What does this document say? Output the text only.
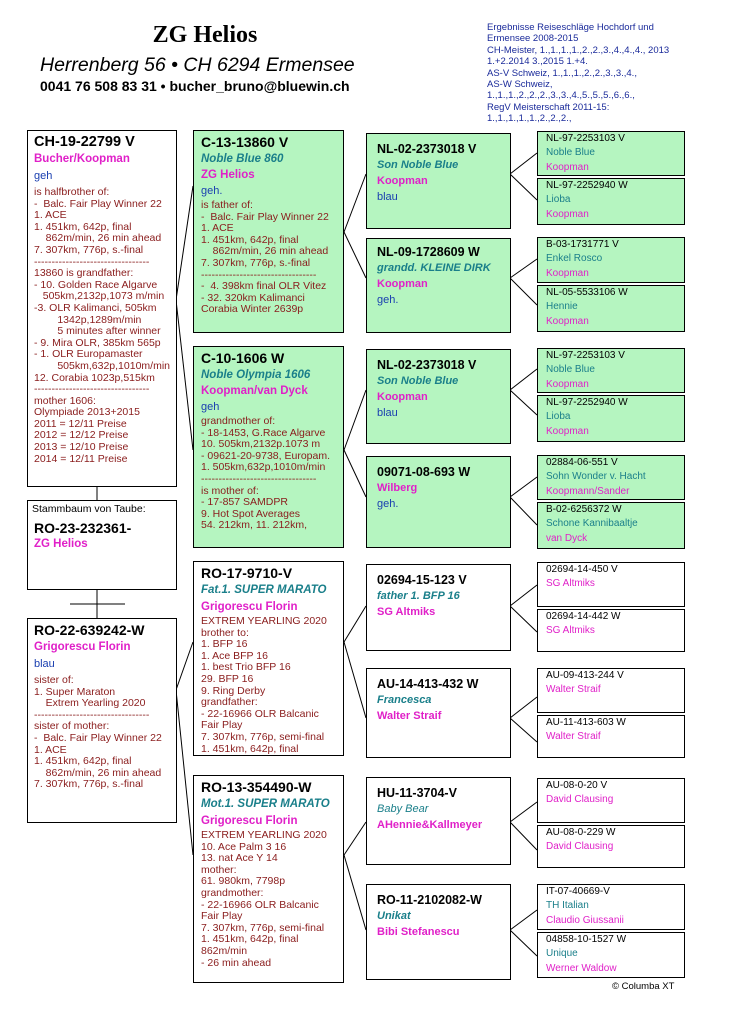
ZG Helios
Herrenberg 56 • CH 6294 Ermensee
0041 76 508 83 31 • bucher_bruno@bluewin.ch
Ergebnisse Reiseschläge Hochdorf und
Ermensee 2008-2015
CH-Meister, 1.,1.,1.,1.,2.,2.,3.,4.,4.,4., 2013
1.+2.2014 3.,2015 1.+4.
AS-V Schweiz, 1.,1.,1.,2.,2.,3.,3.,4.,
AS-W Schweiz,
1.,1.,1.,2.,2.,2.,3.,3.,4.,5.,5.,5.,6.,6.,
RegV Meisterschaft 2011-15:
1.,1.,1.,1.,1.,2.,2.,2.,
CH-19-22799 V
Bucher/Koopman
geh
is halfbrother of:
-  Balc. Fair Play Winner 22
1. ACE
1. 451km, 642p, final
862m/min, 26 min ahead
7. 307km, 776p, s.-final
---------------------------------
13860 is grandfather:
- 10. Golden Race Algarve
505km,2132p,1073 m/min
-3. OLR Kalimanci, 505km
1342p,1289m/min
5 minutes after winner
- 9. Mira OLR, 385km 565p
- 1. OLR Europamaster
505km,632p,1010m/min
12. Corabia 1023p,515km
---------------------------------
mother 1606:
Olympiade 2013+2015
2011 = 12/11 Preise
2012 = 12/12 Preise
2013 = 12/10 Preise
2014 = 12/11 Preise
Stammbaum von Taube:
RO-23-232361-
ZG Helios
RO-22-639242-W
Grigorescu Florin
blau
sister of:
1. Super Maraton
Extrem Yearling 2020
---------------------------------
sister of mother:
-  Balc. Fair Play Winner 22
1. ACE
1. 451km, 642p, final
862m/min, 26 min ahead
7. 307km, 776p, s.-final
C-13-13860 V
Noble Blue 860
ZG Helios
geh.
is father of:
-  Balc. Fair Play Winner 22
1. ACE
1. 451km, 642p, final
862m/min, 26 min ahead
7. 307km, 776p, s.-final
---------------------------------
-  4. 398km final OLR Vitez
- 32. 320km Kalimanci
Corabia Winter 2639p
C-10-1606 W
Noble Olympia 1606
Koopman/van Dyck
geh
grandmother of:
- 18-1453, G.Race Algarve
10. 505km,2132p.1073 m
- 09621-20-9738, Europam.
1. 505km,632p,1010m/min
---------------------------------
is mother of:
- 17-857 SAMDPR
9. Hot Spot Averages
54. 212km, 11. 212km,
RO-17-9710-V
Fat.1. SUPER MARATO
Grigorescu Florin
EXTREM YEARLING 2020
brother to:
1. BFP 16
1. Ace BFP 16
1. best Trio BFP 16
29. BFP 16
9. Ring Derby
grandfather:
- 22-16966 OLR Balcanic
Fair Play
7. 307km, 776p, semi-final
1. 451km, 642p, final
RO-13-354490-W
Mot.1. SUPER MARATO
Grigorescu Florin
EXTREM YEARLING 2020
10. Ace Palm 3 16
13. nat Ace Y 14
mother:
61. 980km, 7798p
grandmother:
- 22-16966 OLR Balcanic
Fair Play
7. 307km, 776p, semi-final
1. 451km, 642p, final
862m/min
- 26 min ahead
NL-02-2373018 V
Son Noble Blue
Koopman
blau
NL-09-1728609 W
grandd. KLEINE DIRK
Koopman
geh.
NL-02-2373018 V
Son Noble Blue
Koopman
blau
09071-08-693 W
Wilberg
geh.
02694-15-123 V
father 1. BFP 16
SG Altmiks
AU-14-413-432 W
Francesca
Walter Straif
HU-11-3704-V
Baby Bear
AHennie&Kallmeyer
RO-11-2102082-W
Unikat
Bibi Stefanescu
NL-97-2253103 V
Noble Blue
Koopman
NL-97-2252940 W
Lioba
Koopman
B-03-1731771 V
Enkel Rosco
Koopman
NL-05-5533106 W
Hennie
Koopman
NL-97-2253103 V
Noble Blue
Koopman
NL-97-2252940 W
Lioba
Koopman
02884-06-551 V
Sohn Wonder v. Hacht
Koopmann/Sander
B-02-6256372 W
Schone Kannibaaltje
van Dyck
02694-14-450 V
SG Altmiks
02694-14-442 W
SG Altmiks
AU-09-413-244 V
Walter Straif
AU-11-413-603 W
Walter Straif
AU-08-0-20 V
David Clausing
AU-08-0-229 W
David Clausing
IT-07-40669-V
TH Italian
Claudio Giussanii
04858-10-1527 W
Unique
Werner Waldow
© Columba XT
